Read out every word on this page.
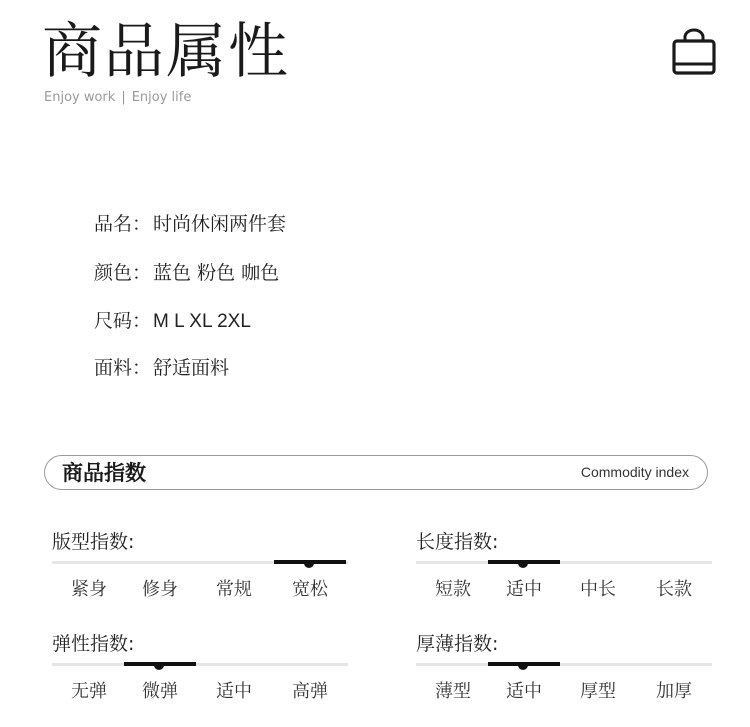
商品属性
Enjoy work | Enjoy life
品名： 时尚休闲两件套
颜色： 蓝色 粉色 咖色
尺码： M L XL 2XL
面料： 舒适面料
商品指数	Commodity index
版型指数:
紧身	修身	常规	宽松
长度指数:
短款	适中	中长	长款
弹性指数:
无弹	微弹	适中	高弹
厚薄指数:
薄型	适中	厚型	加厚
